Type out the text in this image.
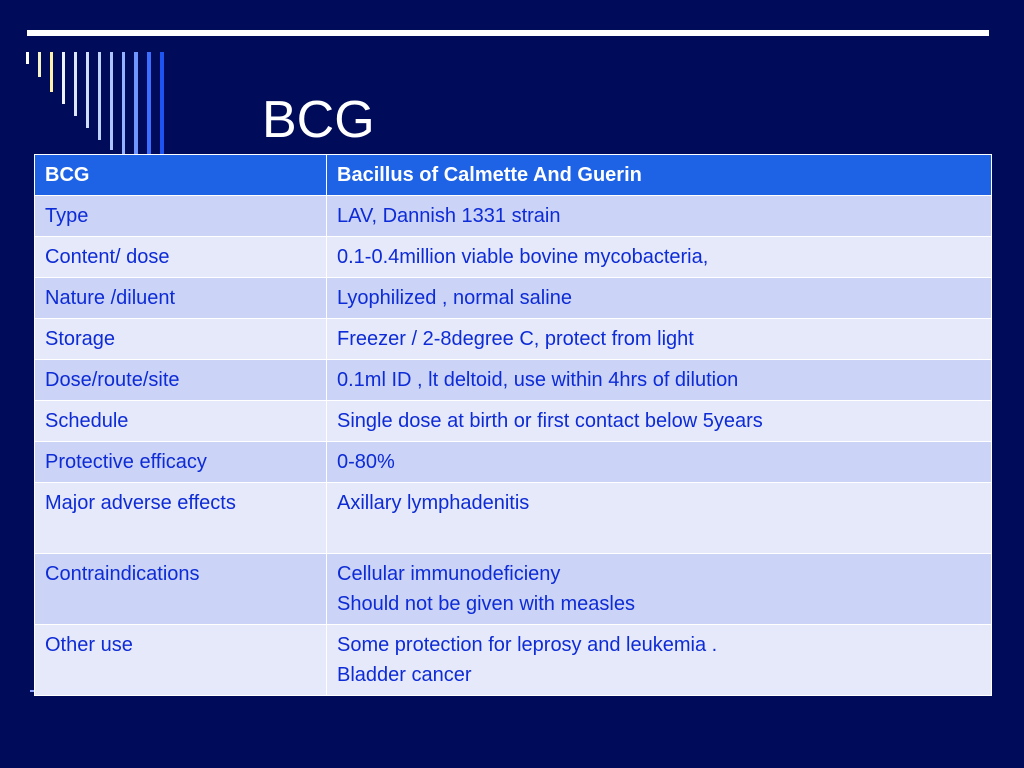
BCG
BCG	Bacillus of Calmette And Guerin
Type	LAV, Dannish 1331 strain

Content/ dose	0.1-0.4million viable bovine mycobacteria,

Nature /diluent	Lyophilized , normal saline

Storage	Freezer / 2-8degree C, protect from light

Dose/route/site	0.1ml ID , lt deltoid, use within 4hrs of dilution

Schedule	Single dose at birth or first contact below 5years

Protective efficacy	0-80%

Major adverse effects	Axillary lymphadenitis

Contraindications	Cellular immunodeficieny
Should not be given with measles

Other use	Some protection for leprosy and leukemia .
Bladder cancer
